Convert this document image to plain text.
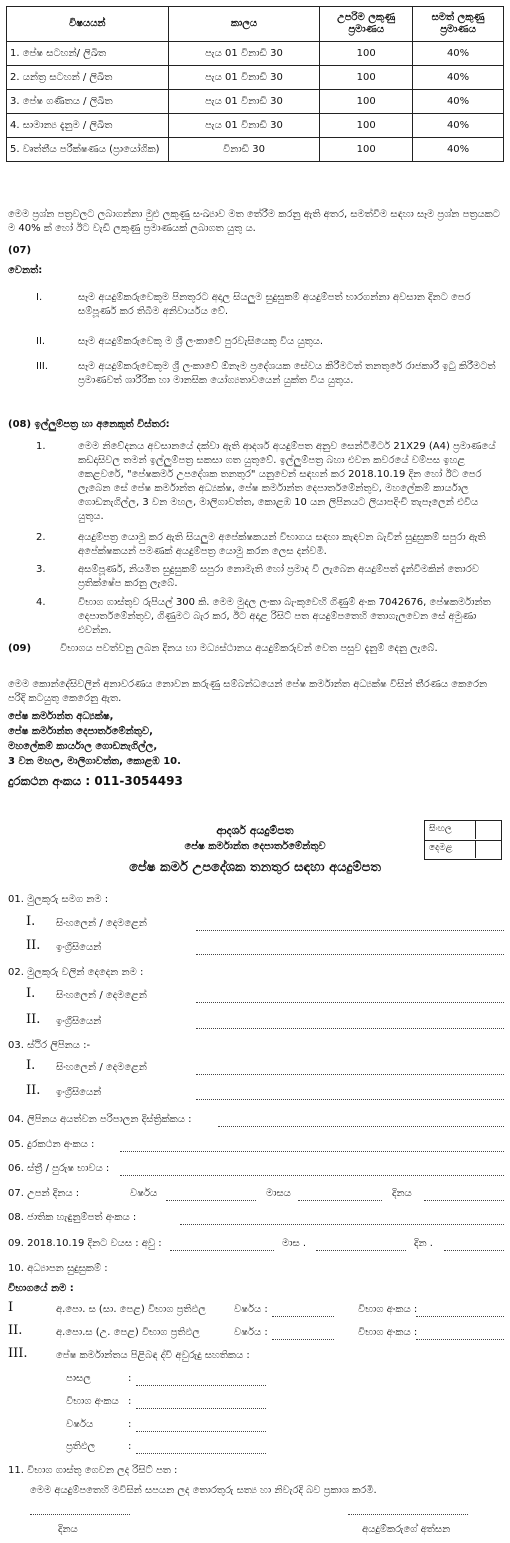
විෂයයන්	කාලය	උපරිම ලකුණු ප්‍රමාණය	සමත් ලකුණු ප්‍රමාණය
1. පේෂ සටහන්/ ලිඛිත	පැය 01 විනාඩි 30	100	40%
2. යන්ත්‍ර සටහන් / ලිඛිත	පැය 01 විනාඩි 30	100	40%
3. පේෂ ගණිතය / ලිඛිත	පැය 01 විනාඩි 30	100	40%
4. සාමාන්‍ය දැනුම / ලිඛිත	පැය 01 විනාඩි 30	100	40%
5. වෘත්තීය පරීක්ෂණය (ප්‍රායෝගික)	විනාඩි 30	100	40%
මෙම ප්‍රශ්න පත්‍රවලට ලබාගන්නා මුළු ලකුණු සංඛ්‍යාව මත තේරීම කරනු ඇති අතර, සමත්වීම සඳහා සෑම ප්‍රශ්න පත්‍රයකට ම 40% ක් හෝ ඊට වැඩි ලකුණු ප්‍රමාණයක් ලබාගත යුතු ය.
(07)
වෙනත්:
I.	සෑම අයදුම්කරුවෙකුම පිනතුරට අදාල සියලුම සුදුසුකම් අයදුම්පත් භාරගන්නා අවසාන දිනට පෙර සම්පූර්ණ කර තිබීම අනිවාර්යය වේ.
II.	සෑම අයදුම්කරුවෙකු ම ශ්‍රී ලංකාවේ පුරවැසියෙකු විය යුතුය.
III.	සෑම අයදුම්කරුවෙකුම ශ්‍රී ලංකාවේ ඕනෑම ප්‍රදේශයක සේවය කිරීමටත් තනතුරේ රාජකාරී ඉටු කිරීමටත් ප්‍රමාණවත් ශාරීරික හා මානසික යෝග්‍යතාවයෙන් යුක්ත විය යුතුය.
(08) ඉල්ලුම්පත්‍ර හා අනෙකුත් විස්තර:
1.	මෙම නිවේදනය අවසානයේ දක්වා ඇති ආදර්ශ අයදුම්පත අනුව සෙන්ටිමීටර් 21X29 (A4) ප්‍රමාණයේ කඩදාසිවල තමන් ඉල්ලුම්පත්‍ර සකසා ගත යුතුවේ. ඉල්ලුම්පත්‍ර බහා එවන කවරයේ වම්පස ඉහළ කෙළවරේ, "පේෂකර්ම උපදේශක තනතුර" යනුවෙන් සඳහන් කර 2018.10.19 දින හෝ ඊට පෙර ලැබෙන සේ පේෂ කර්මාන්ත අධ්‍යක්ෂ, පේෂ කර්මාන්ත දෙපාර්තමේන්තුව, මහලේකම් කාර්යාල ගොඩනැගිල්ල, 3 වන මහල, මාලිගාවත්ත, කොළඹ 10 යන ලිපිනයට ලියාපදිංචි තැපෑලෙන් එවිය යුතුය.
2.	අයදුම්පත්‍ර යොමු කර ඇති සියලුම අපේක්ෂකයන් විභාගය සඳහා කැඳවන බැවින් සුදුසුකම් සපුරා ඇති අපේක්ෂකයන් පමණක් අයදුම්පත්‍ර යොමු කරන ලෙස දන්වමි.
3.	අසම්පූර්ණ, නියමිත සුදුසුකම් සපුරා නොමැති හෝ ප්‍රමාද වී ලැබෙන අයදුම්පත් දැන්වීමකින් තොරව ප්‍රතික්ෂේප කරනු ලැබේ.
4.	විභාග ගාස්තුව රුපියල් 300 කි. මෙම මුදල ලංකා බැංකුවෙහි ගිණුම් අංක 7042676, පේෂකර්මාන්ත දෙපාර්තමේන්තුව, ගිණුමට බැර කර, ඊට අදාළ රිසිට් පත අයදුම්පතෙහි තොගැලවෙන සේ අමුණා එවන්න.
(09)	විභාගය පවත්වනු ලබන දිනය හා මධ්‍යස්ථානය අයදුම්කරුවන් වෙත පසුව දැනුම් දෙනු ලැබේ.
මෙම කොන්දේසිවලින් අනාවරණය නොවන කරුණු සම්බන්ධයෙන් පේෂ කර්මාන්ත අධ්‍යක්ෂ විසින් තීරණය කෙරෙන පරිදි කටයුතු කෙරෙනු ඇත.
පේෂ කර්මාන්ත අධ්‍යක්ෂ,
පේෂ කර්මාන්ත දෙපාර්තමේන්තුව,
මහලේකම් කාර්යාල ගොඩනැගිල්ල,
3 වන මහල, මාලිගාවත්ත, කොළඹ 10.
දුරකථන අංකය : 011-3054493
ආදර්ශ අයදුම්පත
පේෂ කර්මාන්ත දෙපාර්තමේන්තුව
පේෂ කර්ම උපදේශක තනතුර සඳහා අයදුම්පත
සිංහල
දෙමළ
01. මුලකුරු සමග නම :
I. සිංහලෙන් / දෙමළෙන්
II. ඉංග්‍රීසියෙන්
02. මුලකුරු වලින් දෙදෙන නම :
I. සිංහලෙන් / දෙමළෙන්
II. ඉංග්‍රීසියෙන්
03. ස්ථිර ලිපිනය :-
I. සිංහලෙන් / දෙමළෙන්
II. ඉංග්‍රීසියෙන්
04. ලිපිනය අයත්වන පරිපාලන දිස්ත්‍රික්කය :
05. දුරකථන අංකය :
06. ස්ත්‍රී / පුරුෂ භාවය :
07. උපන් දිනය :	වර්ෂය	මාසය	දිනය
08. ජාතික හැඳුනුම්පත් අංකය :
09. 2018.10.19 දිනට වයස : අවු :	මාස .	දින .
10. අධ්‍යාපන සුදුසුකම් :
විභාගයේ නම :
I	අ.පො. ස (සා. පෙළ) විභාග ප්‍රතිඵල	වර්ෂය :	විභාග අංකය :
II.	අ.පො.ස (උ. පෙළ) විභාග ප්‍රතිඵල	වර්ෂය :	විභාග අංකය :
III.	පේෂ කර්මාන්තය පිළිබඳ ද්වි අවුරුදු සහතිකය :
පාසල	:
විභාග අංකය :
වර්ෂය	:
ප්‍රතිඵල	:
11. විභාග ගාස්තු ගෙවන ලද රිසිට් පත :
මෙම අයදුම්පතෙහි මවිසින් සපයන ලද තොරතුරු සත්‍ය හා නිවැරදි බව ප්‍රකාශ කරමි.
දිනය	අයදුම්කරුගේ අත්සන
